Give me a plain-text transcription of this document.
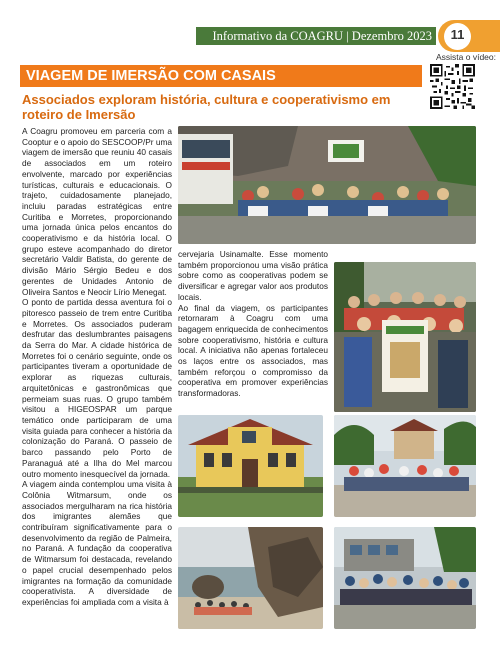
Informativo da COAGRU | Dezembro 2023	11
Assista o vídeo:
VIAGEM DE IMERSÃO COM CASAIS
Associados exploram história, cultura e cooperativismo em roteiro de Imersão

A Coagru promoveu em parceria com a Cooptur e o apoio do SESCOOP/Pr uma viagem de imersão que reuniu 40 casais de associados em um roteiro envolvente, marcado por experiências turísticas, culturais e educacionais. O trajeto, cuidadosamente planejado, incluiu paradas estratégicas entre Curitiba e Morretes, proporcionando uma jornada única pelos encantos do cooperativismo e da história local. O grupo esteve acompanhado do diretor secretário Valdir Batista, do gerente de divisão Mário Sérgio Bedeu e dos gerentes de Unidades Antonio de Oliveira Santos e Neocir Lírio Menegat.

O ponto de partida dessa aventura foi o pitoresco passeio de trem entre Curitiba e Morretes. Os associados puderam desfrutar das deslumbrantes paisagens da Serra do Mar. A cidade histórica de Morretes foi o cenário seguinte, onde os participantes tiveram a oportunidade de explorar as riquezas culturais, arquitetônicas e gastronômicas que permeiam suas ruas. O grupo também visitou a HIGEOSPAR um parque temático onde participaram de uma visita guiada para conhecer a história da colonização do Paraná. O passeio de barco passando pelo Porto de Paranaguá até a Ilha do Mel marcou outro momento inesquecível da jornada.

A viagem ainda contemplou uma visita à Colônia Witmarsum, onde os associados mergulharam na rica história dos imigrantes alemães que contribuíram significativamente para o desenvolvimento da região de Palmeira, no Paraná. A fundação da cooperativa de Witmarsum foi destacada, revelando o papel crucial desempenhado pelos imigrantes na formação da comunidade cooperativista. A diversidade de experiências foi ampliada com a visita à

cervejaria Usinamalte. Esse momento também proporcionou uma visão prática sobre como as cooperativas podem se diversificar e agregar valor aos produtos locais.

Ao final da viagem, os participantes retornaram à Coagru com uma bagagem enriquecida de conhecimentos sobre cooperativismo, história e cultura local. A iniciativa não apenas fortaleceu os laços entre os associados, mas também reforçou o compromisso da cooperativa em promover experiências transformadoras.
